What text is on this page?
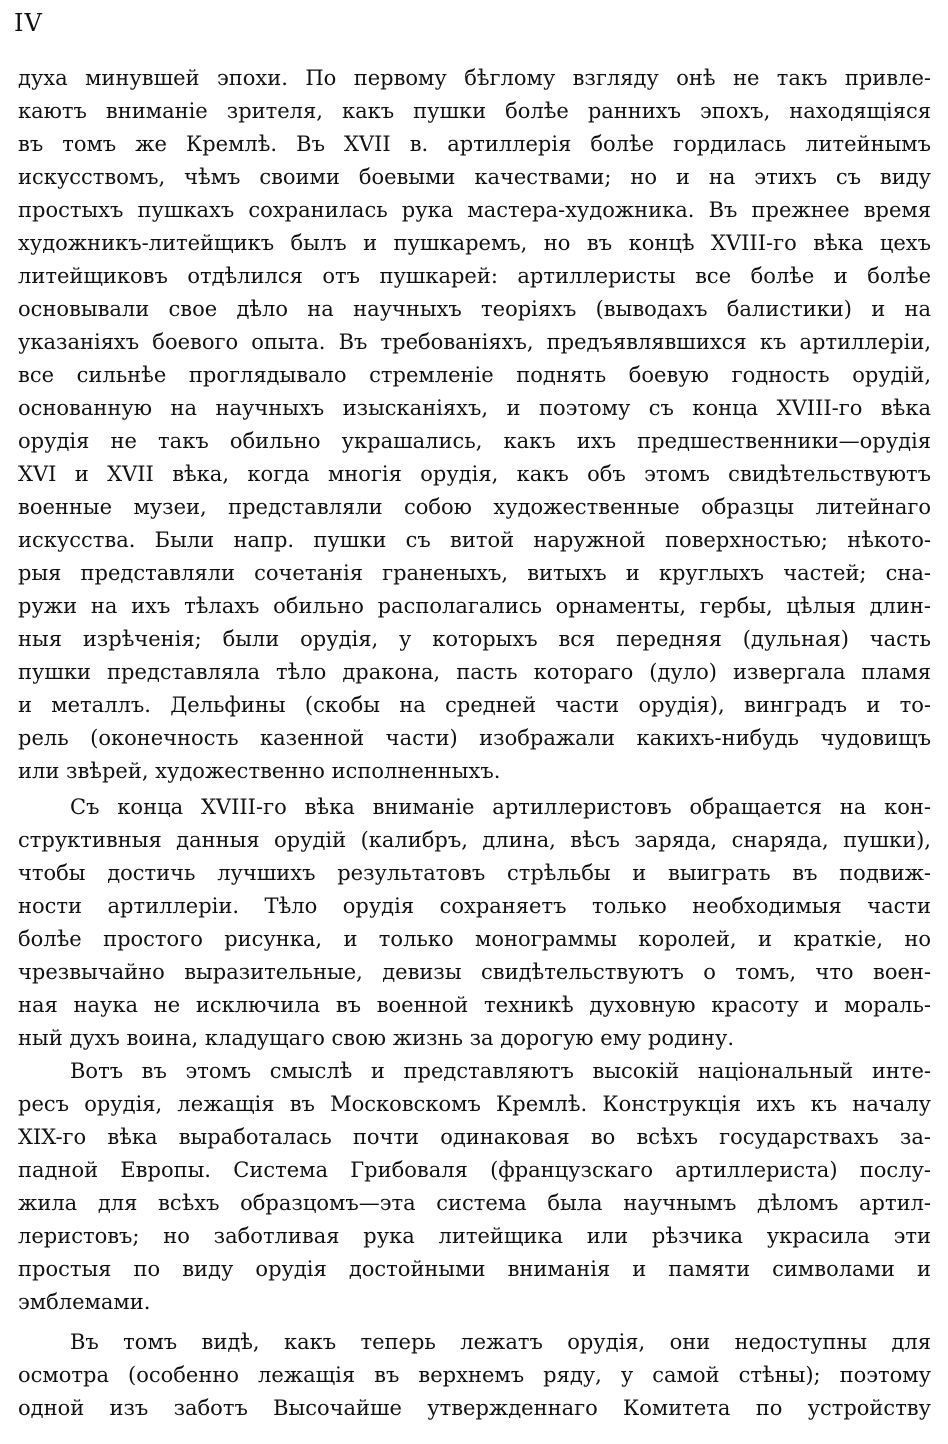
IV
духа минувшей эпохи. По первому бѣглому взгляду онѣ не такъ привле-
каютъ вниманіе зрителя, какъ пушки болѣе раннихъ эпохъ, находящіяся
въ томъ же Кремлѣ. Въ XVII в. артиллерія болѣе гордилась литейнымъ
искусствомъ, чѣмъ своими боевыми качествами; но и на этихъ съ виду
простыхъ пушкахъ сохранилась рука мастера-художника. Въ прежнее время
художникъ-литейщикъ былъ и пушкаремъ, но въ концѣ XVIII-го вѣка цехъ
литейщиковъ отдѣлился отъ пушкарей: артиллеристы все болѣе и болѣе
основывали свое дѣло на научныхъ теоріяхъ (выводахъ балистики) и на
указаніяхъ боевого опыта. Въ требованіяхъ, предъявлявшихся къ артиллеріи,
все сильнѣе проглядывало стремленіе поднять боевую годность орудій,
основанную на научныхъ изысканіяхъ, и поэтому съ конца XVIII-го вѣка
орудія не такъ обильно украшались, какъ ихъ предшественники—орудія
XVI и XVII вѣка, когда многія орудія, какъ объ этомъ свидѣтельствуютъ
военные музеи, представляли собою художественные образцы литейнаго
искусства. Были напр. пушки съ витой наружной поверхностью; нѣкото-
рыя представляли сочетанія граненыхъ, витыхъ и круглыхъ частей; сна-
ружи на ихъ тѣлахъ обильно располагались орнаменты, гербы, цѣлыя длин-
ныя изрѣченія; были орудія, у которыхъ вся передняя (дульная) часть
пушки представляла тѣло дракона, пасть котораго (дуло) извергала пламя
и металлъ. Дельфины (скобы на средней части орудія), винградъ и то-
рель (оконечность казенной части) изображали какихъ-нибудь чудовищъ
или звѣрей, художественно исполненныхъ.
Съ конца XVIII-го вѣка вниманіе артиллеристовъ обращается на кон-
структивныя данныя орудій (калибръ, длина, вѣсъ заряда, снаряда, пушки),
чтобы достичь лучшихъ результатовъ стрѣльбы и выиграть въ подвиж-
ности артиллеріи. Тѣло орудія сохраняетъ только необходимыя части
болѣе простого рисунка, и только монограммы королей, и краткіе, но
чрезвычайно выразительные, девизы свидѣтельствуютъ о томъ, что воен-
ная наука не исключила въ военной техникѣ духовную красоту и мораль-
ный духъ воина, кладущаго свою жизнь за дорогую ему родину.
Вотъ въ этомъ смыслѣ и представляютъ высокій національный инте-
ресъ орудія, лежащія въ Московскомъ Кремлѣ. Конструкція ихъ къ началу
XIX-го вѣка выработалась почти одинаковая во всѣхъ государствахъ за-
падной Европы. Система Грибоваля (французскаго артиллериста) послу-
жила для всѣхъ образцомъ—эта система была научнымъ дѣломъ артил-
леристовъ; но заботливая рука литейщика или рѣзчика украсила эти
простыя по виду орудія достойными вниманія и памяти символами и
эмблемами.
Въ томъ видѣ, какъ теперь лежатъ орудія, они недоступны для
осмотра (особенно лежащія въ верхнемъ ряду, у самой стѣны); поэтому
одной изъ заботъ Высочайше утвержденнаго Комитета по устройству
